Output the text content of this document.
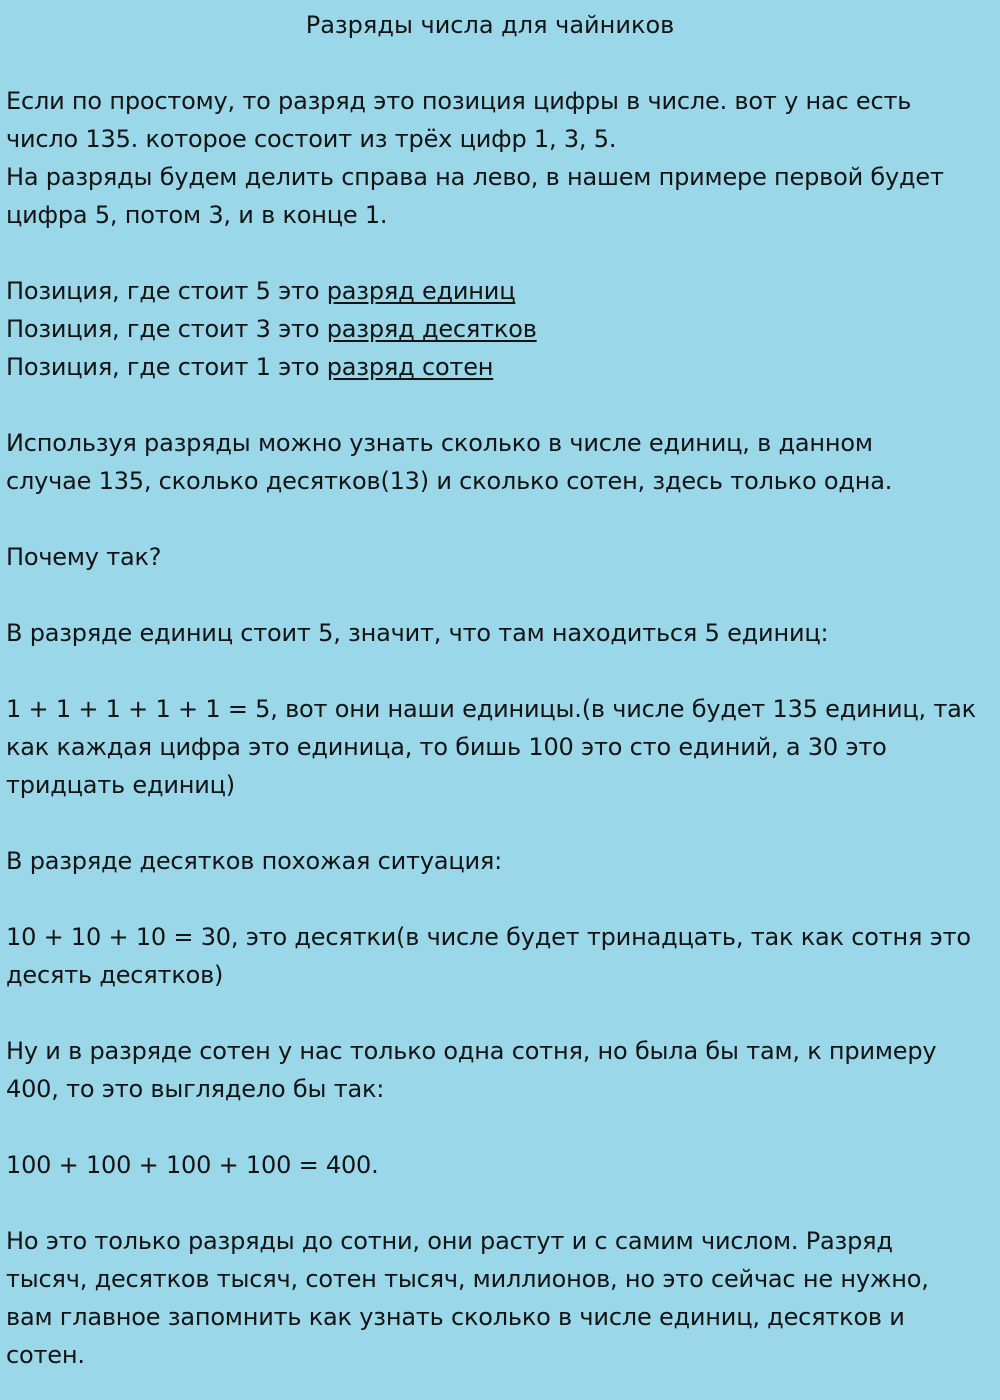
Разряды числа для чайников
Если по простому, то разряд это позиция цифры в числе. вот у нас есть
число 135. которое состоит из трёх цифр 1, 3, 5.
На разряды будем делить справа на лево, в нашем примере первой будет
цифра 5, потом 3, и в конце 1.
Позиция, где стоит 5 это разряд единиц
Позиция, где стоит 3 это разряд десятков
Позиция, где стоит 1 это разряд сотен
Используя разряды можно узнать сколько в числе единиц, в данном
случае 135, сколько десятков(13) и сколько сотен, здесь только одна.
Почему так?
В разряде единиц стоит 5, значит, что там находиться 5 единиц:
1 + 1 + 1 + 1 + 1 = 5, вот они наши единицы.(в числе будет 135 единиц, так
как каждая цифра это единица, то бишь 100 это сто единий, а 30 это
тридцать единиц)
В разряде десятков похожая ситуация:
10 + 10 + 10 = 30, это десятки(в числе будет тринадцать, так как сотня это
десять десятков)
Ну и в разряде сотен у нас только одна сотня, но была бы там, к примеру
400, то это выглядело бы так:
100 + 100 + 100 + 100 = 400.
Но это только разряды до сотни, они растут и с самим числом. Разряд
тысяч, десятков тысяч, сотен тысяч, миллионов, но это сейчас не нужно,
вам главное запомнить как узнать сколько в числе единиц, десятков и
сотен.
